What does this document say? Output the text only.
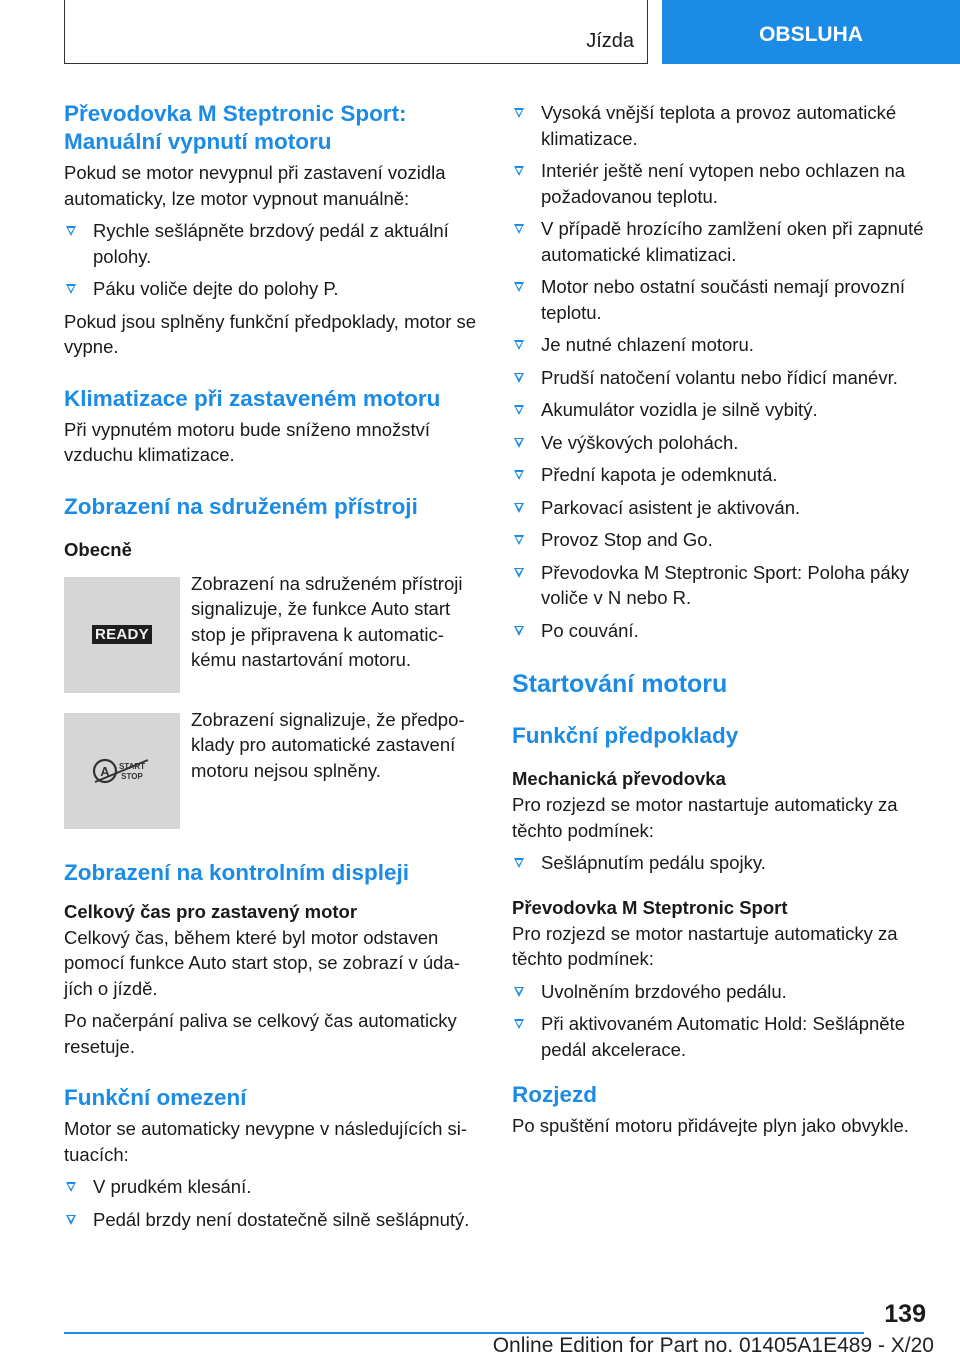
Jízda	OBSLUHA
Převodovka M Steptronic Sport: Manuální vypnutí motoru

Pokud se motor nevypnul při zastavení vozidla automaticky, lze motor vypnout manuálně:

Rychle sešlápněte brzdový pedál z aktuální polohy.
Páku voliče dejte do polohy P.

Pokud jsou splněny funkční předpoklady, motor se vypne.

Klimatizace při zastaveném motoru

Při vypnutém motoru bude sníženo množství vzduchu klimatizace.

Zobrazení na sdruženém přístroji
Obecně
READY
Zobrazení na sdruženém přístroji signalizuje, že funkce Auto start stop je připravena k automatickému nastartování motoru.
A START
STOP
Zobrazení signalizuje, že předpoklady pro automatické zastavení motoru nejsou splněny.
Zobrazení na kontrolním displeji
Celkový čas pro zastavený motor

Celkový čas, během které byl motor odstaven pomocí funkce Auto start stop, se zobrazí v údajích o jízdě.

Po načerpání paliva se celkový čas automaticky resetuje.

Funkční omezení

Motor se automaticky nevypne v následujících situacích:

V prudkém klesání.
Pedál brzdy není dostatečně silně sešlápnutý.
Vysoká vnější teplota a provoz automatické klimatizace.
Interiér ještě není vytopen nebo ochlazen na požadovanou teplotu.
V případě hrozícího zamlžení oken při zapnuté automatické klimatizaci.
Motor nebo ostatní součásti nemají provozní teplotu.
Je nutné chlazení motoru.
Prudší natočení volantu nebo řídicí manévr.
Akumulátor vozidla je silně vybitý.
Ve výškových polohách.
Přední kapota je odemknutá.
Parkovací asistent je aktivován.
Provoz Stop and Go.
Převodovka M Steptronic Sport: Poloha páky voliče v N nebo R.
Po couvání.
Startování motoru
Funkční předpoklady
Mechanická převodovka

Pro rozjezd se motor nastartuje automaticky za těchto podmínek:

Sešlápnutím pedálu spojky.
Převodovka M Steptronic Sport

Pro rozjezd se motor nastartuje automaticky za těchto podmínek:

Uvolněním brzdového pedálu.
Při aktivovaném Automatic Hold: Sešlápněte pedál akcelerace.
Rozjezd

Po spuštění motoru přidávejte plyn jako obvykle.

139
Online Edition for Part no. 01405A1E489 - X/20
